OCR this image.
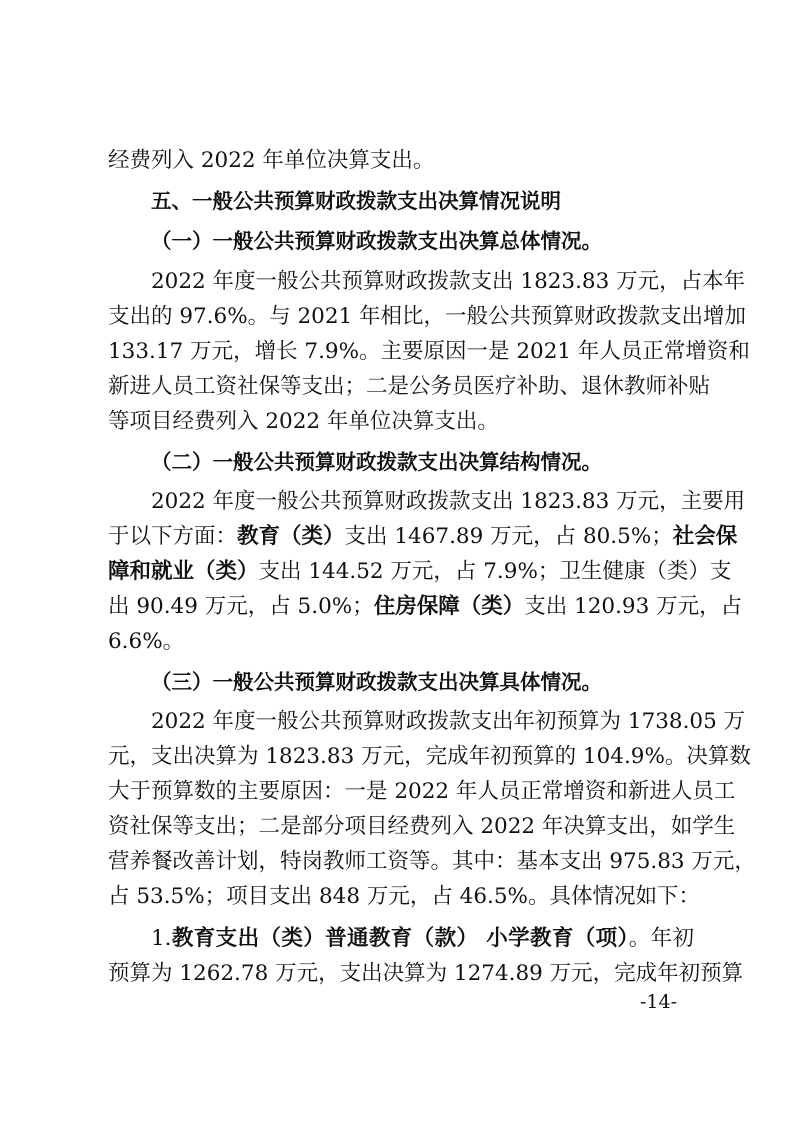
经费列入 2022 年单位决算支出。
五、一般公共预算财政拨款支出决算情况说明
（一）一般公共预算财政拨款支出决算总体情况。
2022 年度一般公共预算财政拨款支出 1823.83 万元，占本年
支出的 97.6%。与 2021 年相比，一般公共预算财政拨款支出增加
133.17 万元，增长 7.9%。主要原因一是 2021 年人员正常增资和
新进人员工资社保等支出；二是公务员医疗补助、退休教师补贴
等项目经费列入 2022 年单位决算支出。
（二）一般公共预算财政拨款支出决算结构情况。
2022 年度一般公共预算财政拨款支出 1823.83 万元，主要用
于以下方面：教育（类）支出 1467.89 万元，占 80.5%；社会保
障和就业（类）支出 144.52 万元，占 7.9%；卫生健康（类）支
出 90.49 万元，占 5.0%；住房保障（类）支出 120.93 万元，占
6.6%。
（三）一般公共预算财政拨款支出决算具体情况。
2022 年度一般公共预算财政拨款支出年初预算为 1738.05 万
元，支出决算为 1823.83 万元，完成年初预算的 104.9%。决算数
大于预算数的主要原因：一是 2022 年人员正常增资和新进人员工
资社保等支出；二是部分项目经费列入 2022 年决算支出，如学生
营养餐改善计划，特岗教师工资等。其中：基本支出 975.83 万元，
占 53.5%；项目支出 848 万元，占 46.5%。具体情况如下：
1.教育支出（类）普通教育（款） 小学教育（项）。年初
预算为 1262.78 万元，支出决算为 1274.89 万元，完成年初预算
-14-
